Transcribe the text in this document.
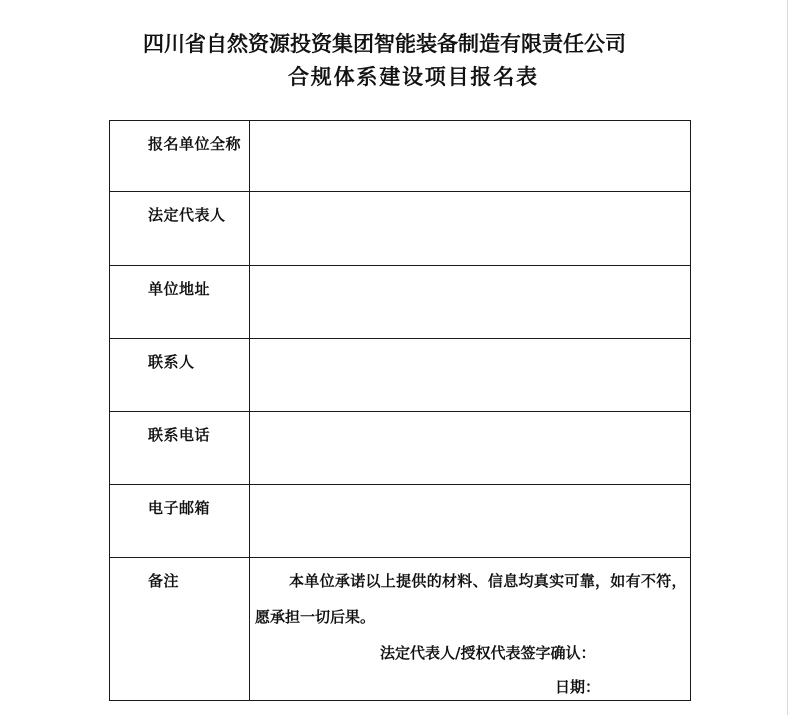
四川省自然资源投资集团智能装备制造有限责任公司
合规体系建设项目报名表
报名单位全称
法定代表人
单位地址
联系人
联系电话
电子邮箱
备注	本单位承诺以上提供的材料、信息均真实可靠，如有不符，
愿承担一切后果。
法定代表人/授权代表签字确认：
日期：
